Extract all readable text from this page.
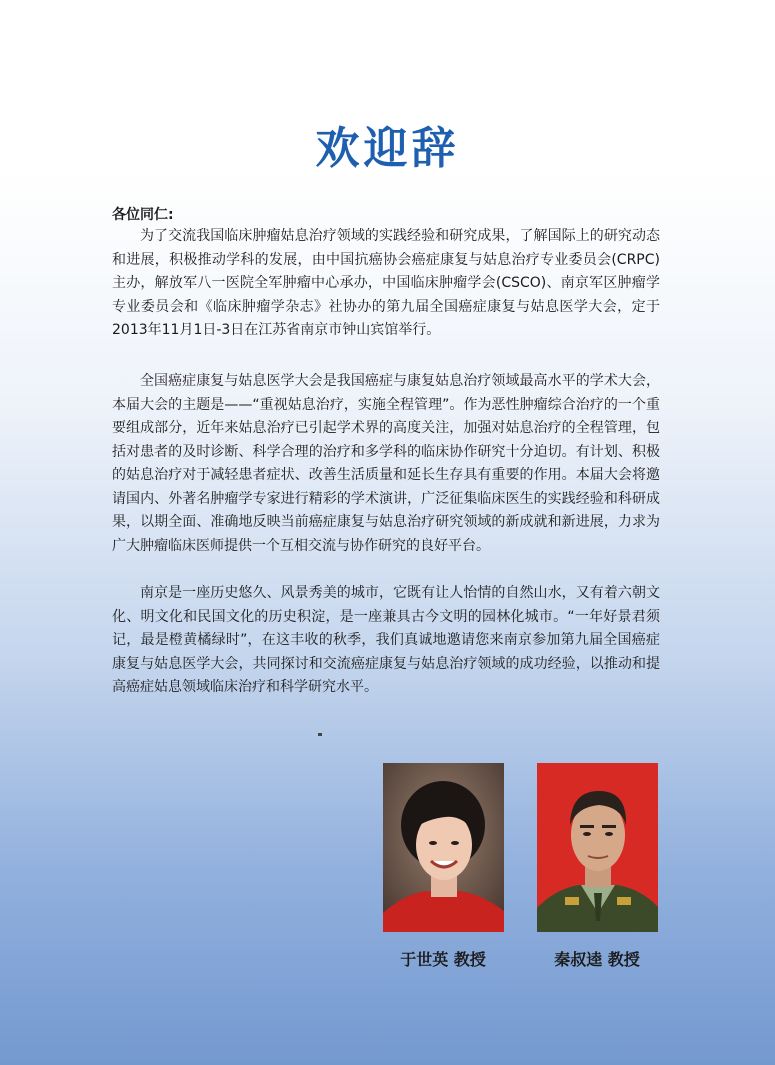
欢迎辞

各位同仁:

为了交流我国临床肿瘤姑息治疗领域的实践经验和研究成果，了解国际上的研究动态和进展，积极推动学科的发展，由中国抗癌协会癌症康复与姑息治疗专业委员会(CRPC)主办，解放军八一医院全军肿瘤中心承办，中国临床肿瘤学会(CSCO)、南京军区肿瘤学专业委员会和《临床肿瘤学杂志》社协办的第九届全国癌症康复与姑息医学大会，定于2013年11月1日-3日在江苏省南京市钟山宾馆举行。

全国癌症康复与姑息医学大会是我国癌症与康复姑息治疗领域最高水平的学术大会，本届大会的主题是——“重视姑息治疗，实施全程管理”。作为恶性肿瘤综合治疗的一个重要组成部分，近年来姑息治疗已引起学术界的高度关注，加强对姑息治疗的全程管理，包括对患者的及时诊断、科学合理的治疗和多学科的临床协作研究十分迫切。有计划、积极的姑息治疗对于减轻患者症状、改善生活质量和延长生存具有重要的作用。本届大会将邀请国内、外著名肿瘤学专家进行精彩的学术演讲，广泛征集临床医生的实践经验和科研成果，以期全面、准确地反映当前癌症康复与姑息治疗研究领域的新成就和新进展，力求为广大肿瘤临床医师提供一个互相交流与协作研究的良好平台。

南京是一座历史悠久、风景秀美的城市，它既有让人怡情的自然山水，又有着六朝文化、明文化和民国文化的历史积淀，是一座兼具古今文明的园林化城市。“一年好景君须记，最是橙黄橘绿时”，在这丰收的秋季，我们真诚地邀请您来南京参加第九届全国癌症康复与姑息医学大会，共同探讨和交流癌症康复与姑息治疗领域的成功经验，以推动和提高癌症姑息领域临床治疗和科学研究水平。

于世英 教授	秦叔逵 教授
